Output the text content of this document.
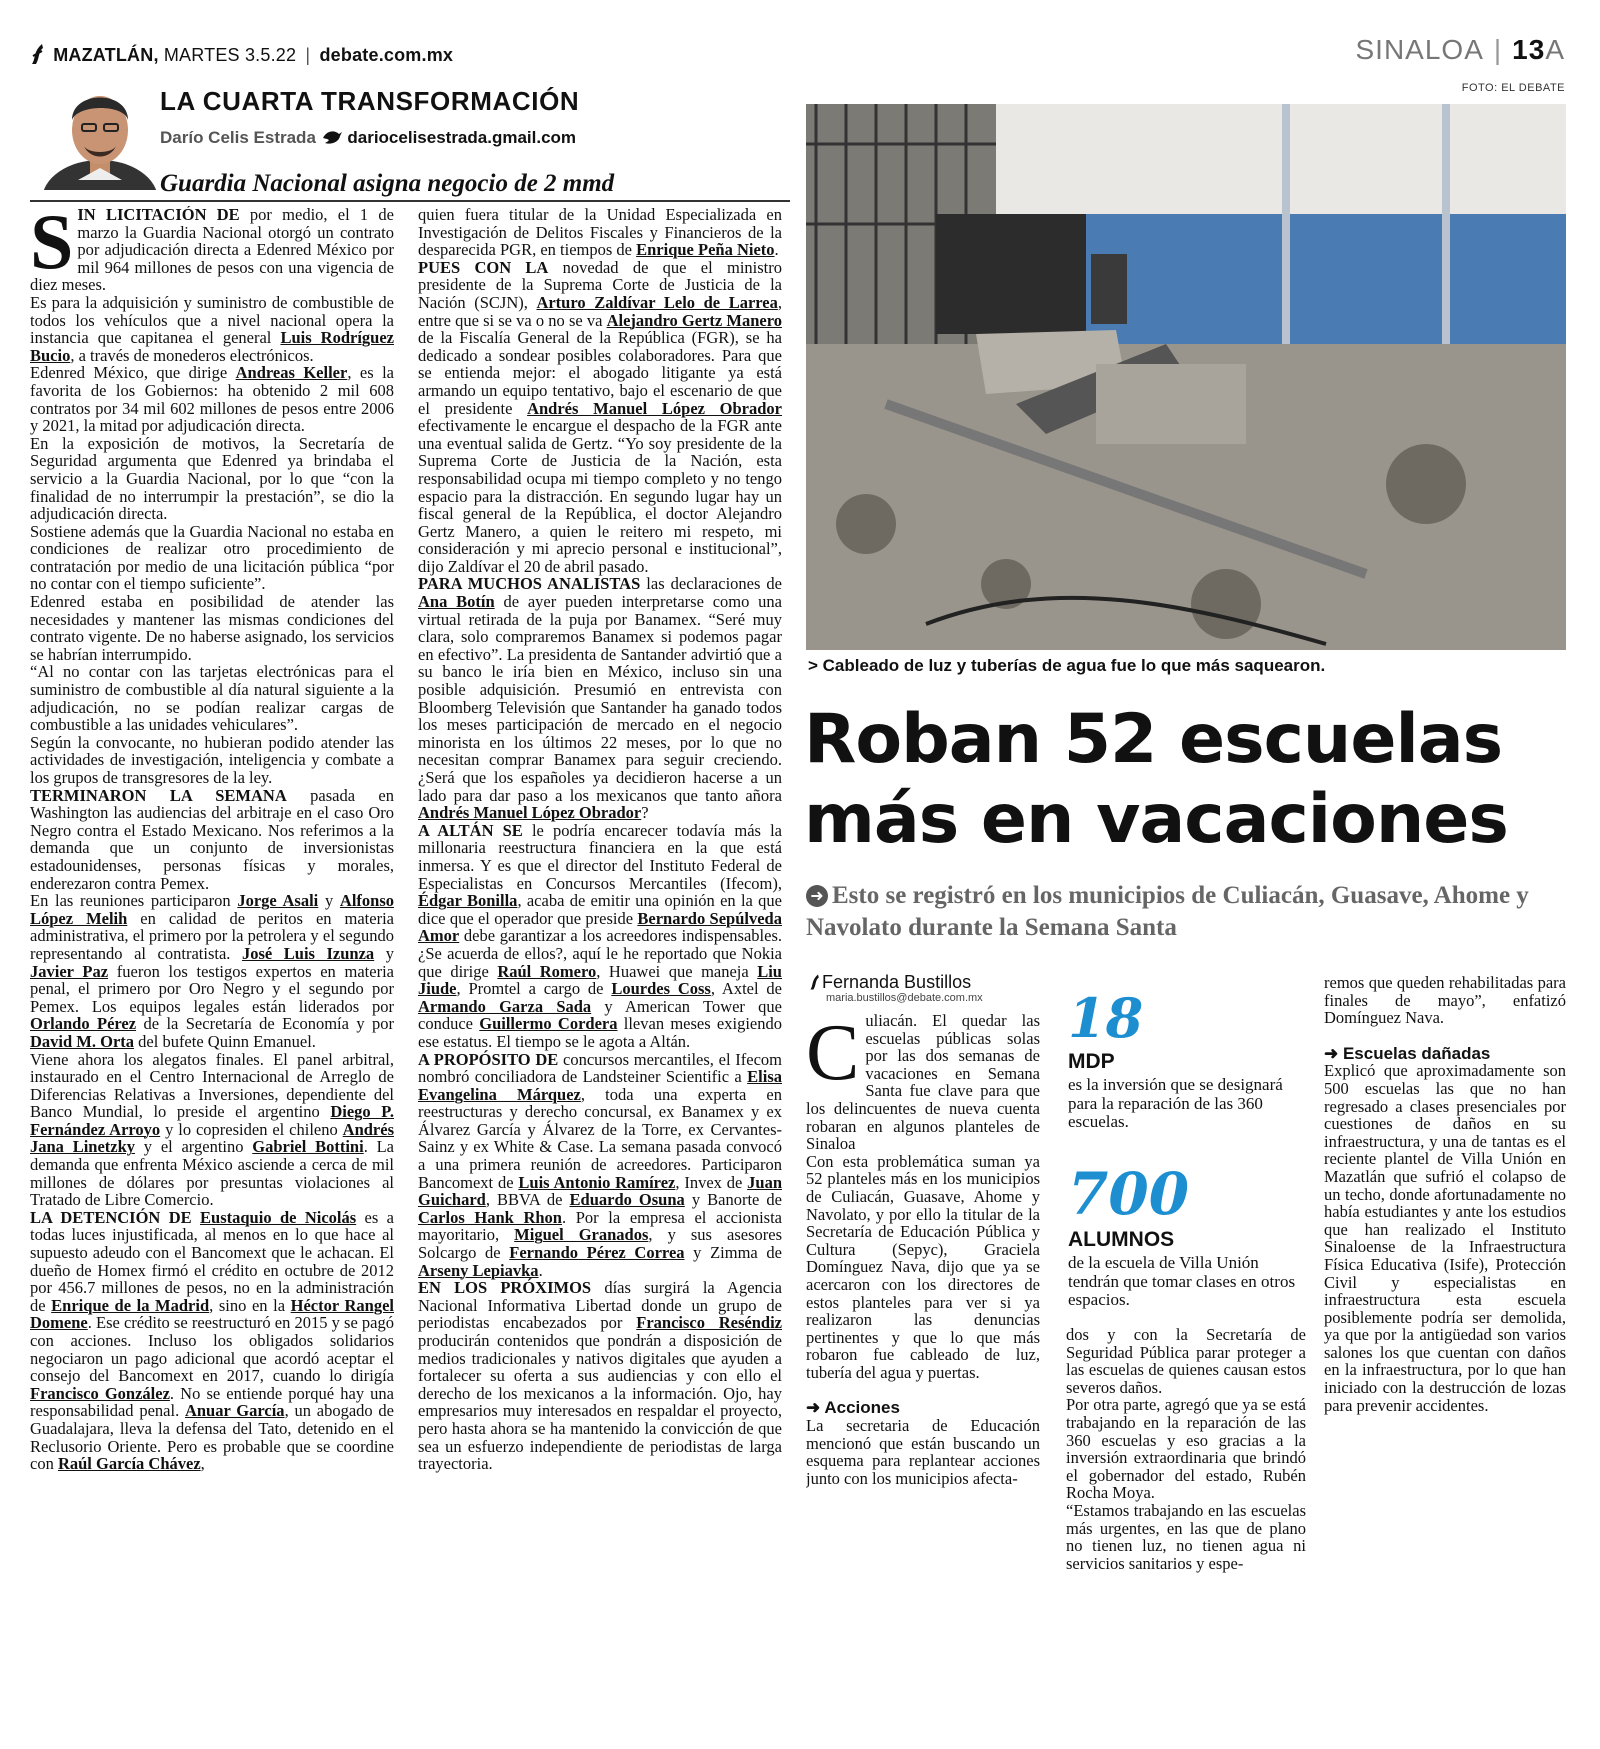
MAZATLÁN, MARTES 3.5.22 | debate.com.mx	SINALOA | 13A
FOTO: EL DEBATE
LA CUARTA TRANSFORMACIÓN
Darío Celis Estrada dariocelisestrada.gmail.com
Guardia Nacional asigna negocio de 2 mmd

SIN LICITACIÓN DE por medio, el 1 de marzo la Guardia Nacional otorgó un contrato por adjudicación directa a Edenred México por mil 964 millones de pesos con una vigencia de diez meses.

Es para la adquisición y suministro de combustible de todos los vehículos que a nivel nacional opera la instancia que capitanea el general Luis Rodríguez Bucio, a través de monederos electrónicos.

Edenred México, que dirige Andreas Keller, es la favorita de los Gobiernos: ha obtenido 2 mil 608 contratos por 34 mil 602 millones de pesos entre 2006 y 2021, la mitad por adjudicación directa.

En la exposición de motivos, la Secretaría de Seguridad argumenta que Edenred ya brindaba el servicio a la Guardia Nacional, por lo que “con la finalidad de no interrumpir la prestación”, se dio la adjudicación directa.

Sostiene además que la Guardia Nacional no estaba en condiciones de realizar otro procedimiento de contratación por medio de una licitación pública “por no contar con el tiempo suficiente”.

Edenred estaba en posibilidad de atender las necesidades y mantener las mismas condiciones del contrato vigente. De no haberse asignado, los servicios se habrían interrumpido.

“Al no contar con las tarjetas electrónicas para el suministro de combustible al día natural siguiente a la adjudicación, no se podían realizar cargas de combustible a las unidades vehiculares”.

Según la convocante, no hubieran podido atender las actividades de investigación, inteligencia y combate a los grupos de transgresores de la ley.

TERMINARON LA SEMANA pasada en Washington las audiencias del arbitraje en el caso Oro Negro contra el Estado Mexicano. Nos referimos a la demanda que un conjunto de inversionistas estadounidenses, personas físicas y morales, enderezaron contra Pemex.

En las reuniones participaron Jorge Asali y Alfonso López Melih en calidad de peritos en materia administrativa, el primero por la petrolera y el segundo representando al contratista. José Luis Izunza y Javier Paz fueron los testigos expertos en materia penal, el primero por Oro Negro y el segundo por Pemex. Los equipos legales están liderados por Orlando Pérez de la Secretaría de Economía y por David M. Orta del bufete Quinn Emanuel.

Viene ahora los alegatos finales. El panel arbitral, instaurado en el Centro Internacional de Arreglo de Diferencias Relativas a Inversiones, dependiente del Banco Mundial, lo preside el argentino Diego P. Fernández Arroyo y lo copresiden el chileno Andrés Jana Linetzky y el argentino Gabriel Bottini. La demanda que enfrenta México asciende a cerca de mil millones de dólares por presuntas violaciones al Tratado de Libre Comercio.

LA DETENCIÓN DE Eustaquio de Nicolás es a todas luces injustificada, al menos en lo que hace al supuesto adeudo con el Bancomext que le achacan. El dueño de Homex firmó el crédito en octubre de 2012 por 456.7 millones de pesos, no en la administración de Enrique de la Madrid, sino en la Héctor Rangel Domene. Ese crédito se reestructuró en 2015 y se pagó con acciones. Incluso los obligados solidarios negociaron un pago adicional que acordó aceptar el consejo del Bancomext en 2017, cuando lo dirigía Francisco González. No se entiende porqué hay una responsabilidad penal. Anuar García, un abogado de Guadalajara, lleva la defensa del Tato, detenido en el Reclusorio Oriente. Pero es probable que se coordine con Raúl García Chávez,

quien fuera titular de la Unidad Especializada en Investigación de Delitos Fiscales y Financieros de la desparecida PGR, en tiempos de Enrique Peña Nieto.

PUES CON LA novedad de que el ministro presidente de la Suprema Corte de Justicia de la Nación (SCJN), Arturo Zaldívar Lelo de Larrea, entre que si se va o no se va Alejandro Gertz Manero de la Fiscalía General de la República (FGR), se ha dedicado a sondear posibles colaboradores. Para que se entienda mejor: el abogado litigante ya está armando un equipo tentativo, bajo el escenario de que el presidente Andrés Manuel López Obrador efectivamente le encargue el despacho de la FGR ante una eventual salida de Gertz. “Yo soy presidente de la Suprema Corte de Justicia de la Nación, esta responsabilidad ocupa mi tiempo completo y no tengo espacio para la distracción. En segundo lugar hay un fiscal general de la República, el doctor Alejandro Gertz Manero, a quien le reitero mi respeto, mi consideración y mi aprecio personal e institucional”, dijo Zaldívar el 20 de abril pasado.

PARA MUCHOS ANALISTAS las declaraciones de Ana Botín de ayer pueden interpretarse como una virtual retirada de la puja por Banamex. “Seré muy clara, solo compraremos Banamex si podemos pagar en efectivo”. La presidenta de Santander advirtió que a su banco le iría bien en México, incluso sin una posible adquisición. Presumió en entrevista con Bloomberg Televisión que Santander ha ganado todos los meses participación de mercado en el negocio minorista en los últimos 22 meses, por lo que no necesitan comprar Banamex para seguir creciendo. ¿Será que los españoles ya decidieron hacerse a un lado para dar paso a los mexicanos que tanto añora Andrés Manuel López Obrador?

A ALTÁN SE le podría encarecer todavía más la millonaria reestructura financiera en la que está inmersa. Y es que el director del Instituto Federal de Especialistas en Concursos Mercantiles (Ifecom), Édgar Bonilla, acaba de emitir una opinión en la que dice que el operador que preside Bernardo Sepúlveda Amor debe garantizar a los acreedores indispensables. ¿Se acuerda de ellos?, aquí le he reportado que Nokia que dirige Raúl Romero, Huawei que maneja Liu Jiude, Promtel a cargo de Lourdes Coss, Axtel de Armando Garza Sada y American Tower que conduce Guillermo Cordera llevan meses exigiendo ese estatus. El tiempo se le agota a Altán.

A PROPÓSITO DE concursos mercantiles, el Ifecom nombró conciliadora de Landsteiner Scientific a Elisa Evangelina Márquez, toda una experta en reestructuras y derecho concursal, ex Banamex y ex Álvarez García y Álvarez de la Torre, ex Cervantes-Sainz y ex White & Case. La semana pasada convocó a una primera reunión de acreedores. Participaron Bancomext de Luis Antonio Ramírez, Invex de Juan Guichard, BBVA de Eduardo Osuna y Banorte de Carlos Hank Rhon. Por la empresa el accionista mayoritario, Miguel Granados, y sus asesores Solcargo de Fernando Pérez Correa y Zimma de Arseny Lepiavka.

EN LOS PRÓXIMOS días surgirá la Agencia Nacional Informativa Libertad donde un grupo de periodistas encabezados por Francisco Reséndiz producirán contenidos que pondrán a disposición de medios tradicionales y nativos digitales que ayuden a fortalecer su oferta a sus audiencias y con ello el derecho de los mexicanos a la información. Ojo, hay empresarios muy interesados en respaldar el proyecto, pero hasta ahora se ha mantenido la convicción de que sea un esfuerzo independiente de periodistas de larga trayectoria.

> Cableado de luz y tuberías de agua fue lo que más saquearon.
Roban 52 escuelas
más en vacaciones
➜ Esto se registró en los municipios de Culiacán, Guasave, Ahome y Navolato durante la Semana Santa
Fernanda Bustillos
maria.bustillos@debate.com.mx
C uliacán. El quedar las escuelas públicas solas por las dos semanas de vacaciones en Semana Santa fue clave para que los delincuentes de nueva cuenta robaran en algunos planteles de Sinaloa

Con esta problemática suman ya 52 planteles más en los municipios de Culiacán, Guasave, Ahome y Navolato, y por ello la titular de la Secretaría de Educación Pública y Cultura (Sepyc), Graciela Domínguez Nava, dijo que ya se acercaron con los directores de estos planteles para ver si ya realizaron las denuncias pertinentes y que lo que más robaron fue cableado de luz, tubería del agua y puertas.

➜ Acciones

La secretaria de Educación mencionó que están buscando un esquema para replantear acciones junto con los municipios afecta-

18
MDP
es la inversión que se designará para la reparación de las 360 escuelas.
700
ALUMNOS
de la escuela de Villa Unión tendrán que tomar clases en otros espacios.

dos y con la Secretaría de Seguridad Pública parar proteger a las escuelas de quienes causan estos severos daños.

Por otra parte, agregó que ya se está trabajando en la reparación de las 360 escuelas y eso gracias a la inversión extraordinaria que brindó el gobernador del estado, Rubén Rocha Moya.

“Estamos trabajando en las escuelas más urgentes, en las que de plano no tienen luz, no tienen agua ni servicios sanitarios y espe-

remos que queden rehabilitadas para finales de mayo”, enfatizó Domínguez Nava.

➜ Escuelas dañadas

Explicó que aproximadamente son 500 escuelas las que no han regresado a clases presenciales por cuestiones de daños en su infraestructura, y una de tantas es el reciente plantel de Villa Unión en Mazatlán que sufrió el colapso de un techo, donde afortunadamente no había estudiantes y ante los estudios que han realizado el Instituto Sinaloense de la Infraestructura Física Educativa (Isife), Protección Civil y especialistas en infraestructura esta escuela posiblemente podría ser demolida, ya que por la antigüedad son varios salones los que cuentan con daños en la infraestructura, por lo que han iniciado con la destrucción de lozas para prevenir accidentes.
